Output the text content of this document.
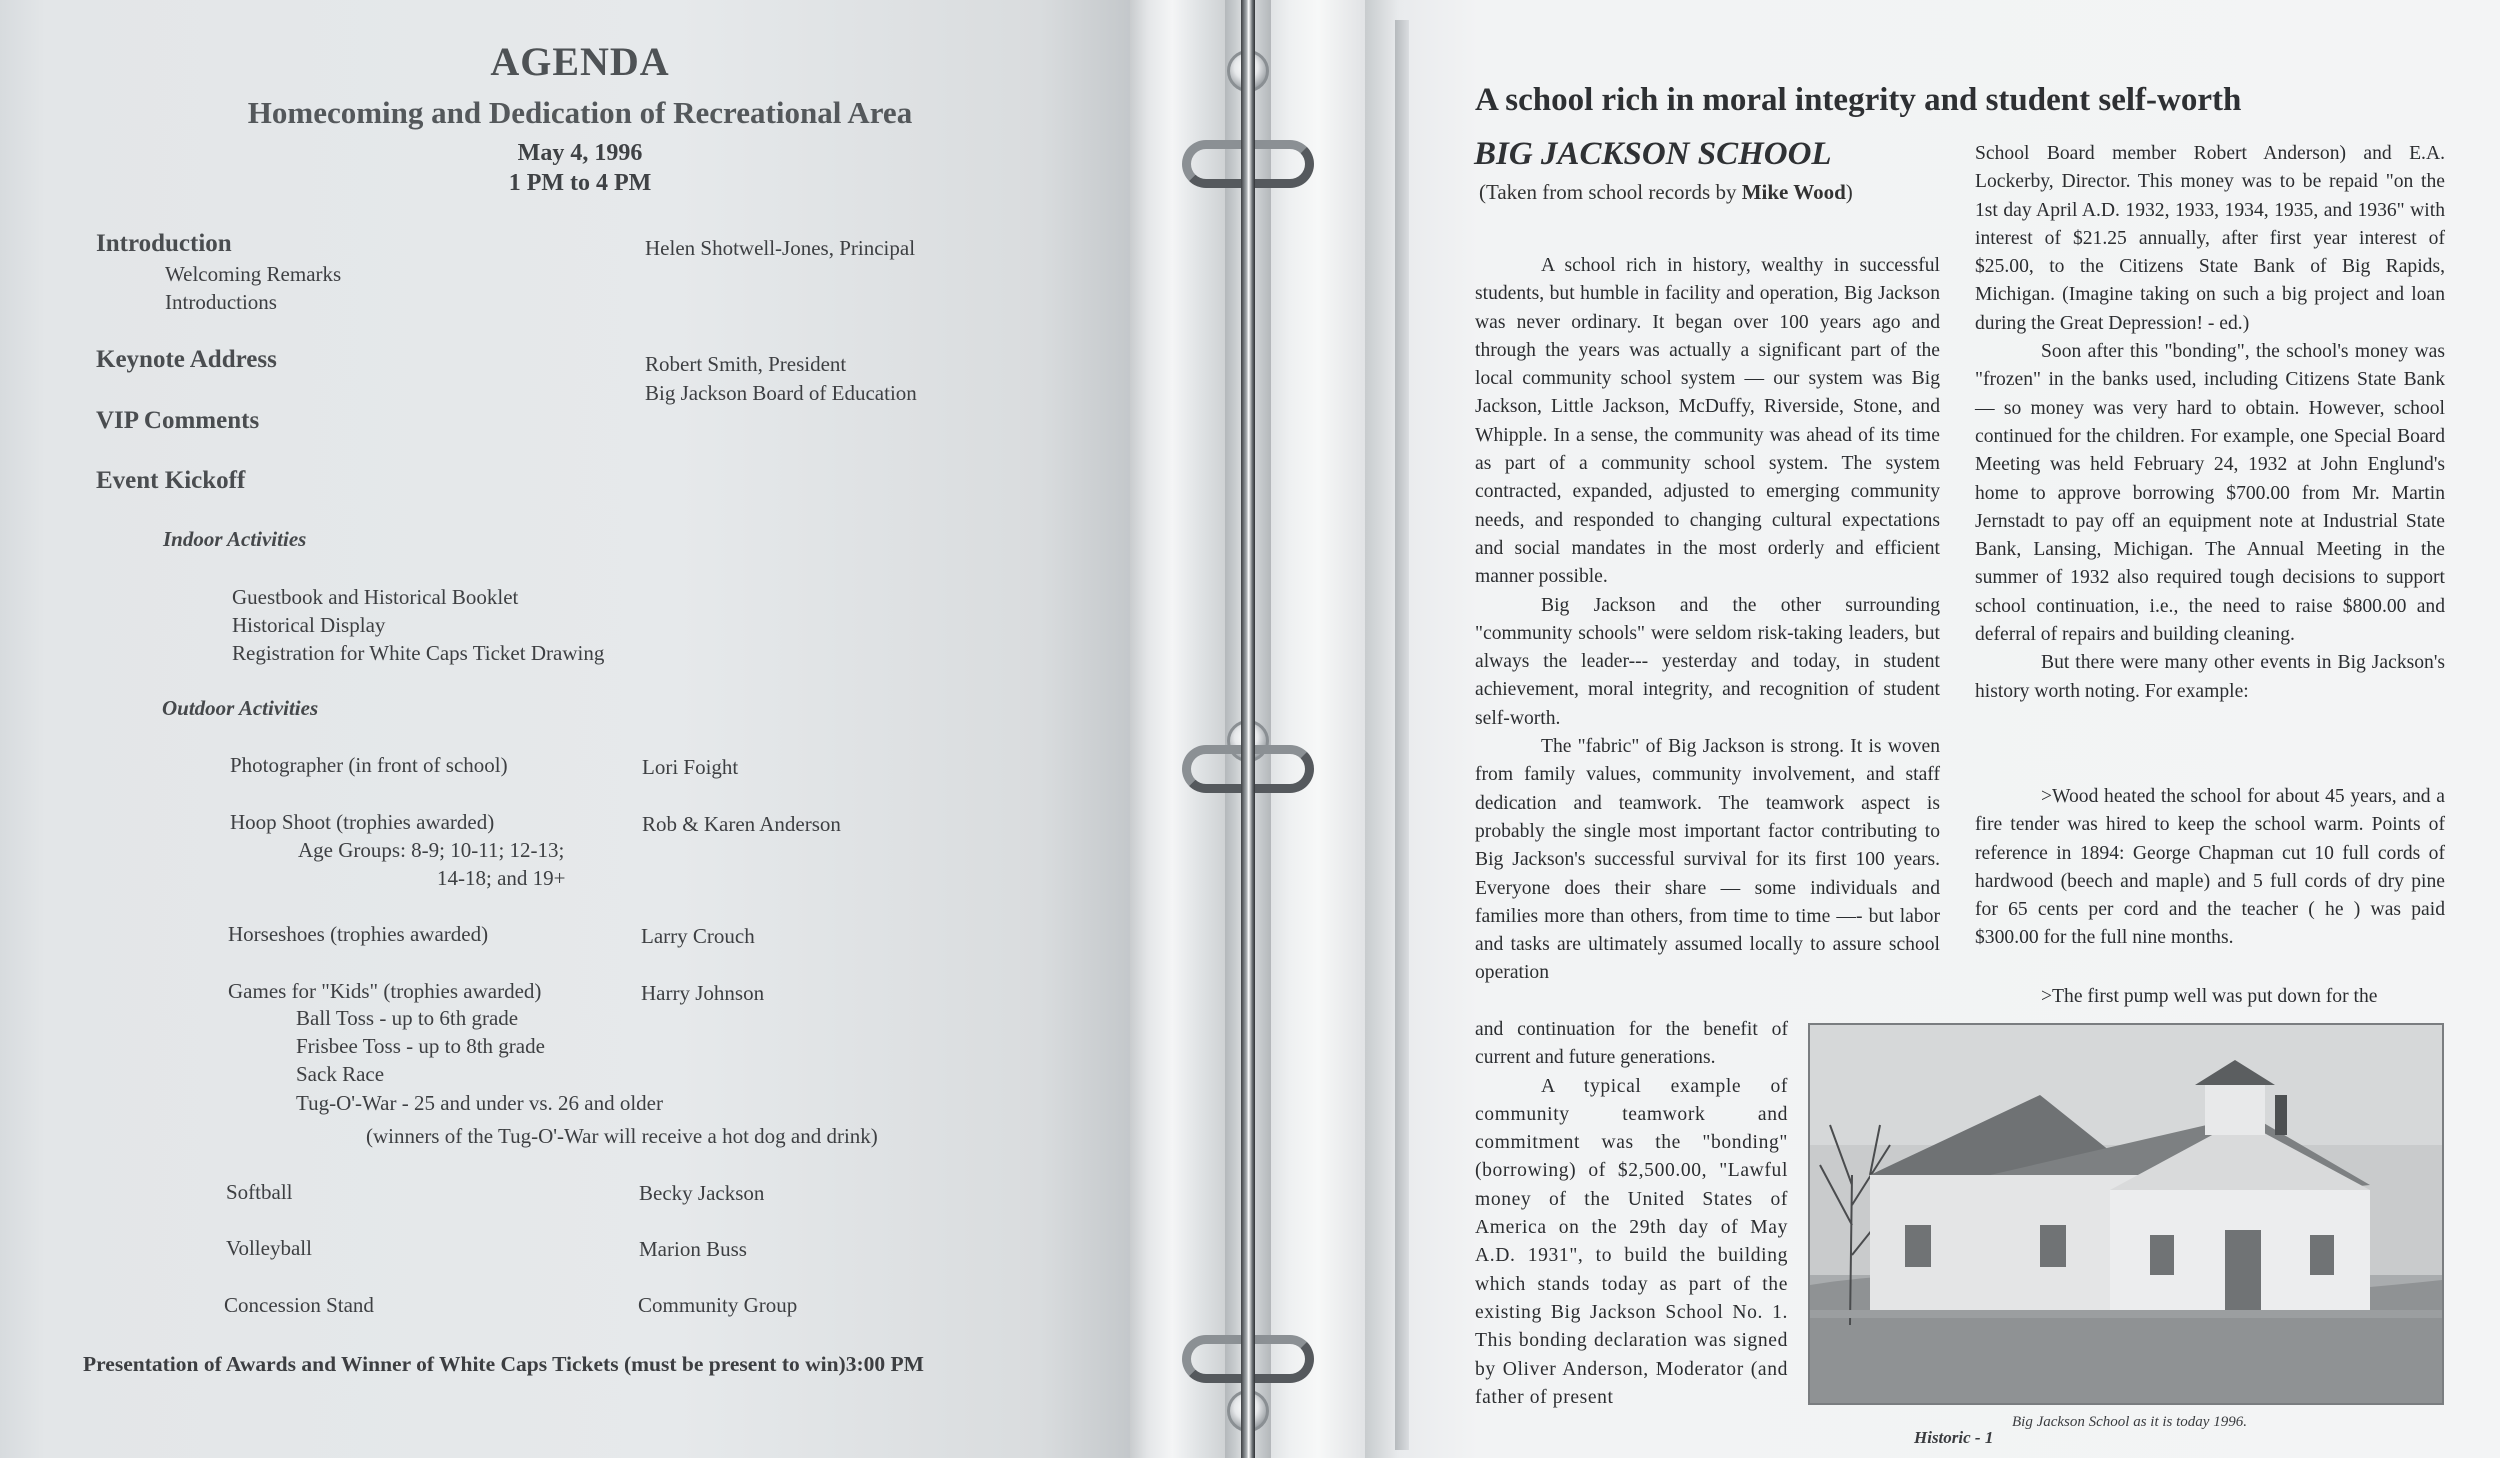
AGENDA
Homecoming and Dedication of Recreational Area
May 4, 1996
1 PM to 4 PM
Introduction	Helen Shotwell-Jones, Principal
Welcoming Remarks
Introductions
Keynote Address	Robert Smith, President
Big Jackson Board of Education
VIP Comments
Event Kickoff
Indoor Activities
Guestbook and Historical Booklet
Historical Display
Registration for White Caps Ticket Drawing
Outdoor Activities
Photographer (in front of school)	Lori Foight
Hoop Shoot (trophies awarded)	Rob & Karen Anderson
Age Groups: 8-9; 10-11; 12-13;
14-18; and 19+
Horseshoes (trophies awarded)	Larry Crouch
Games for "Kids" (trophies awarded)	Harry Johnson
Ball Toss - up to 6th grade
Frisbee Toss - up to 8th grade
Sack Race
Tug-O'-War - 25 and under vs. 26 and older
(winners of the Tug-O'-War will receive a hot dog and drink)
Softball	Becky Jackson
Volleyball	Marion Buss
Concession Stand	Community Group
Presentation of Awards and Winner of White Caps Tickets (must be present to win)3:00 PM
A school rich in moral integrity and student self-worth
BIG JACKSON SCHOOL
(Taken from school records by Mike Wood)

A school rich in history, wealthy in successful students, but humble in facility and operation, Big Jackson was never ordinary. It began over 100 years ago and through the years was actually a significant part of the local community school system — our system was Big Jackson, Little Jackson, McDuffy, Riverside, Stone, and Whipple. In a sense, the community was ahead of its time as part of a community school system. The system contracted, expanded, adjusted to emerging community needs, and responded to changing cultural expectations and social mandates in the most orderly and efficient manner possible.

Big Jackson and the other surrounding "community schools" were seldom risk-taking leaders, but always the leader--- yesterday and today, in student achievement, moral integrity, and recognition of student self-worth.

The "fabric" of Big Jackson is strong. It is woven from family values, community involvement, and staff dedication and teamwork. The teamwork aspect is probably the single most important factor contributing to Big Jackson's successful survival for its first 100 years. Everyone does their share — some individuals and families more than others, from time to time —- but labor and tasks are ultimately assumed locally to assure school operation

and continuation for the benefit of current and future generations.

A typical example of community teamwork and commitment was the "bonding" (borrowing) of $2,500.00, "Lawful money of the United States of America on the 29th day of May A.D. 1931", to build the building which stands today as part of the existing Big Jackson School No. 1. This bonding declaration was signed by Oliver Anderson, Moderator (and father of present

School Board member Robert Anderson) and E.A. Lockerby, Director. This money was to be repaid "on the 1st day April A.D. 1932, 1933, 1934, 1935, and 1936" with interest of $21.25 annually, after first year interest of $25.00, to the Citizens State Bank of Big Rapids, Michigan. (Imagine taking on such a big project and loan during the Great Depression! - ed.)

Soon after this "bonding", the school's money was "frozen" in the banks used, including Citizens State Bank — so money was very hard to obtain. However, school continued for the children. For example, one Special Board Meeting was held February 24, 1932 at John Englund's home to approve borrowing $700.00 from Mr. Martin Jernstadt to pay off an equipment note at Industrial State Bank, Lansing, Michigan. The Annual Meeting in the summer of 1932 also required tough decisions to support school continuation, i.e., the need to raise $800.00 and deferral of repairs and building cleaning.

But there were many other events in Big Jackson's history worth noting. For example:

>Wood heated the school for about 45 years, and a fire tender was hired to keep the school warm. Points of reference in 1894: George Chapman cut 10 full cords of hardwood (beech and maple) and 5 full cords of dry pine for 65 cents per cord and the teacher ( he ) was paid $300.00 for the full nine months.

>The first pump well was put down for the

Big Jackson School as it is today 1996.
Historic - 1
